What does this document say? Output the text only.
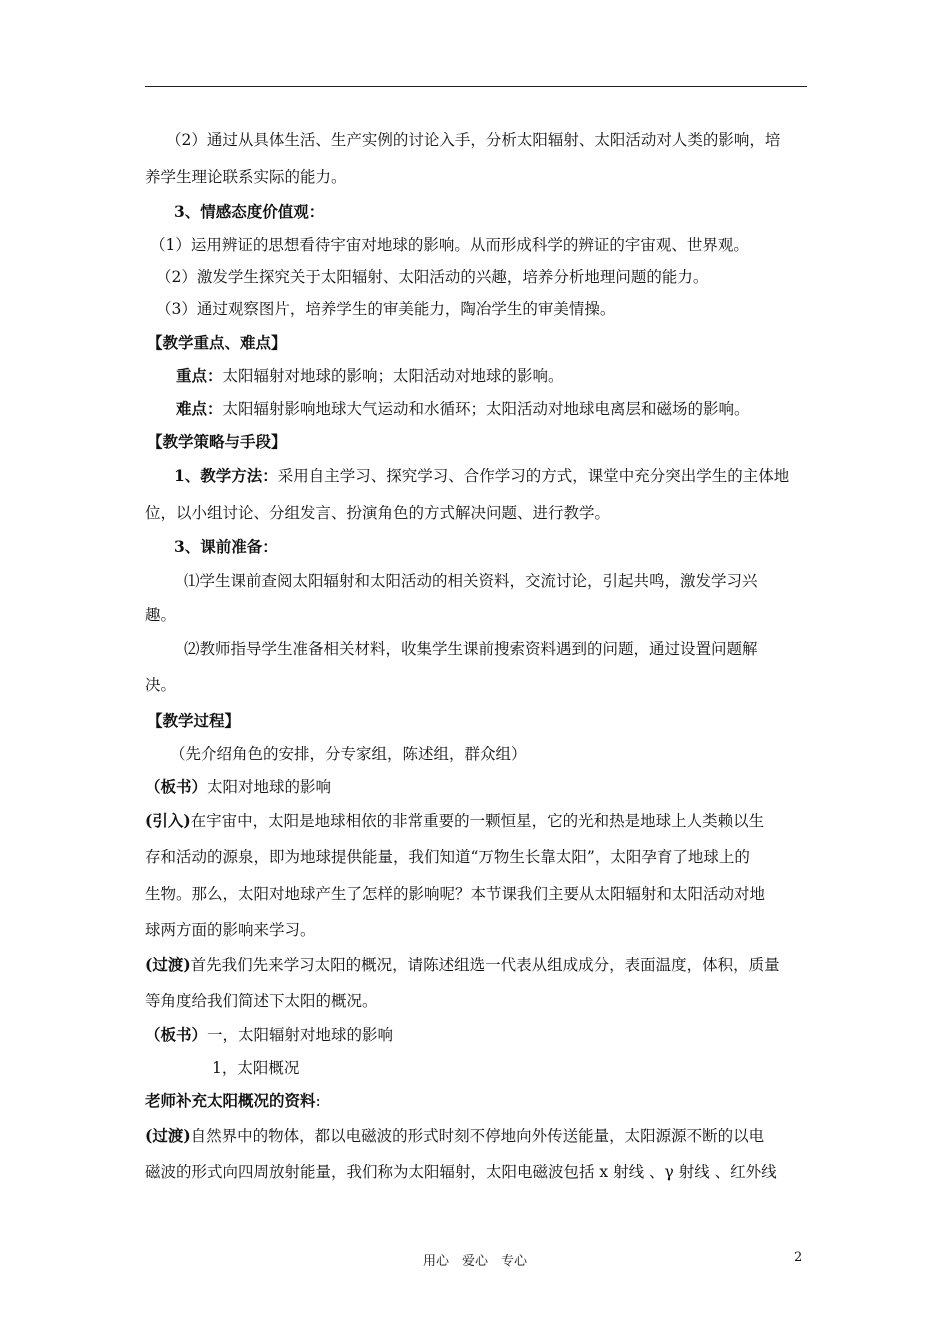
（2）通过从具体生活、生产实例的讨论入手，分析太阳辐射、太阳活动对人类的影响，培
养学生理论联系实际的能力。
3、情感态度价值观：
（1）运用辨证的思想看待宇宙对地球的影响。从而形成科学的辨证的宇宙观、世界观。
（2）激发学生探究关于太阳辐射、太阳活动的兴趣，培养分析地理问题的能力。
（3）通过观察图片，培养学生的审美能力，陶冶学生的审美情操。
【教学重点、难点】
重点：太阳辐射对地球的影响；太阳活动对地球的影响。
难点：太阳辐射影响地球大气运动和水循环；太阳活动对地球电离层和磁场的影响。
【教学策略与手段】
1、教学方法：采用自主学习、探究学习、合作学习的方式，课堂中充分突出学生的主体地
位，以小组讨论、分组发言、扮演角色的方式解决问题、进行教学。
3、课前准备：
⑴学生课前查阅太阳辐射和太阳活动的相关资料，交流讨论，引起共鸣，激发学习兴
趣。
⑵教师指导学生准备相关材料，收集学生课前搜索资料遇到的问题，通过设置问题解
决。
【教学过程】
（先介绍角色的安排，分专家组，陈述组，群众组）
（板书）太阳对地球的影响
(引入)在宇宙中，太阳是地球相依的非常重要的一颗恒星，它的光和热是地球上人类赖以生
存和活动的源泉，即为地球提供能量，我们知道“万物生长靠太阳”，太阳孕育了地球上的
生物。那么，太阳对地球产生了怎样的影响呢？本节课我们主要从太阳辐射和太阳活动对地
球两方面的影响来学习。
(过渡)首先我们先来学习太阳的概况，请陈述组选一代表从组成成分，表面温度，体积，质量
等角度给我们简述下太阳的概况。
（板书）一，太阳辐射对地球的影响
1，太阳概况
老师补充太阳概况的资料:
(过渡)自然界中的物体，都以电磁波的形式时刻不停地向外传送能量，太阳源源不断的以电
磁波的形式向四周放射能量，我们称为太阳辐射，太阳电磁波包括 x 射线 、γ 射线 、红外线
用心　爱心　专心	2
